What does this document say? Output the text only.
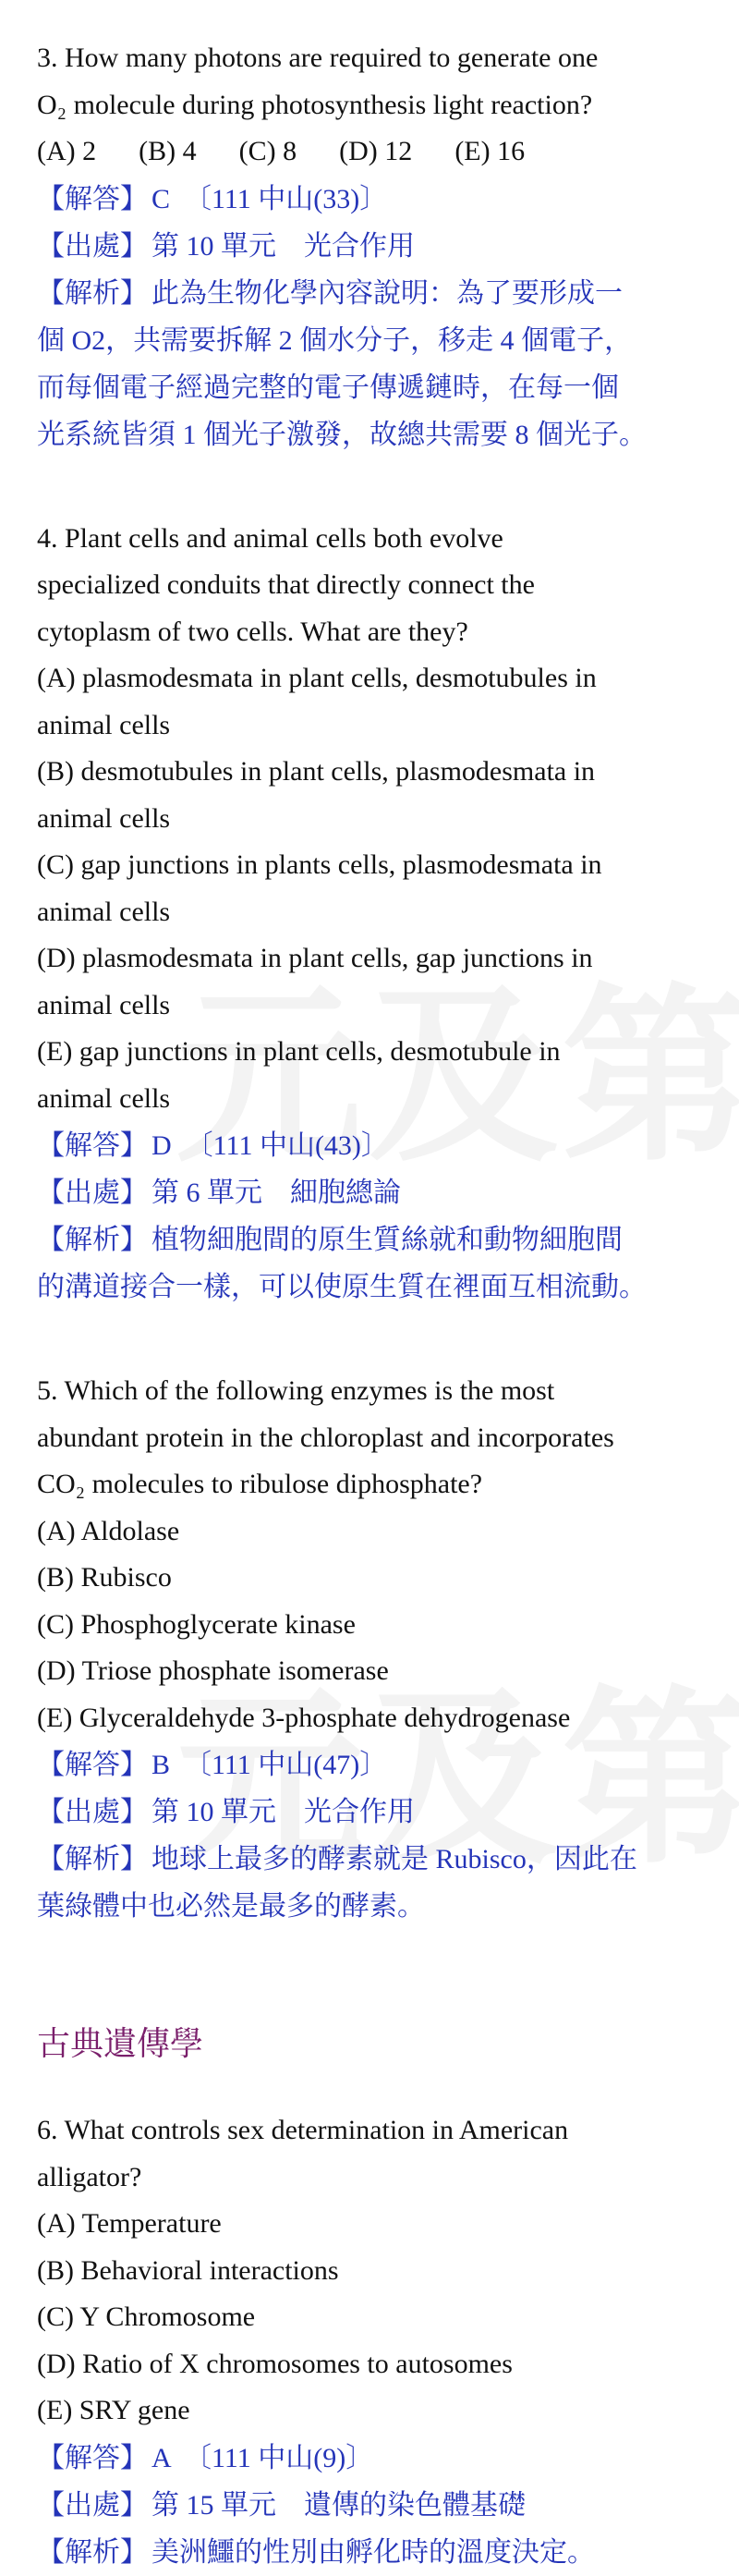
3. How many photons are required to generate one
O₂ molecule during photosynthesis light reaction?
(A) 2 (B) 4 (C) 8 (D) 12 (E) 16
【解答】 C　〔111 中山(33)〕
【出處】 第 10 單元　光合作用
【解析】 此為生物化學內容說明：為了要形成一
個 O2，共需要拆解 2 個水分子，移走 4 個電子，
而每個電子經過完整的電子傳遞鏈時，在每一個
光系統皆須 1 個光子激發，故總共需要 8 個光子。
4. Plant cells and animal cells both evolve
specialized conduits that directly connect the
cytoplasm of two cells. What are they?
(A) plasmodesmata in plant cells, desmotubules in
animal cells
(B) desmotubules in plant cells, plasmodesmata in
animal cells
(C) gap junctions in plants cells, plasmodesmata in
animal cells
(D) plasmodesmata in plant cells, gap junctions in
animal cells
(E) gap junctions in plant cells, desmotubule in
animal cells
【解答】 D　〔111 中山(43)〕
【出處】 第 6 單元　細胞總論
【解析】 植物細胞間的原生質絲就和動物細胞間
的溝道接合一樣，可以使原生質在裡面互相流動。
5. Which of the following enzymes is the most
abundant protein in the chloroplast and incorporates
CO₂ molecules to ribulose diphosphate?
(A) Aldolase
(B) Rubisco
(C) Phosphoglycerate kinase
(D) Triose phosphate isomerase
(E) Glyceraldehyde 3-phosphate dehydrogenase
【解答】 B　〔111 中山(47)〕
【出處】 第 10 單元　光合作用
【解析】 地球上最多的酵素就是 Rubisco，因此在
葉綠體中也必然是最多的酵素。
古典遺傳學
6. What controls sex determination in American
alligator?
(A) Temperature
(B) Behavioral interactions
(C) Y Chromosome
(D) Ratio of X chromosomes to autosomes
(E) SRY gene
【解答】 A　〔111 中山(9)〕
【出處】 第 15 單元　遺傳的染色體基礎
【解析】 美洲鱷的性別由孵化時的溫度決定。
